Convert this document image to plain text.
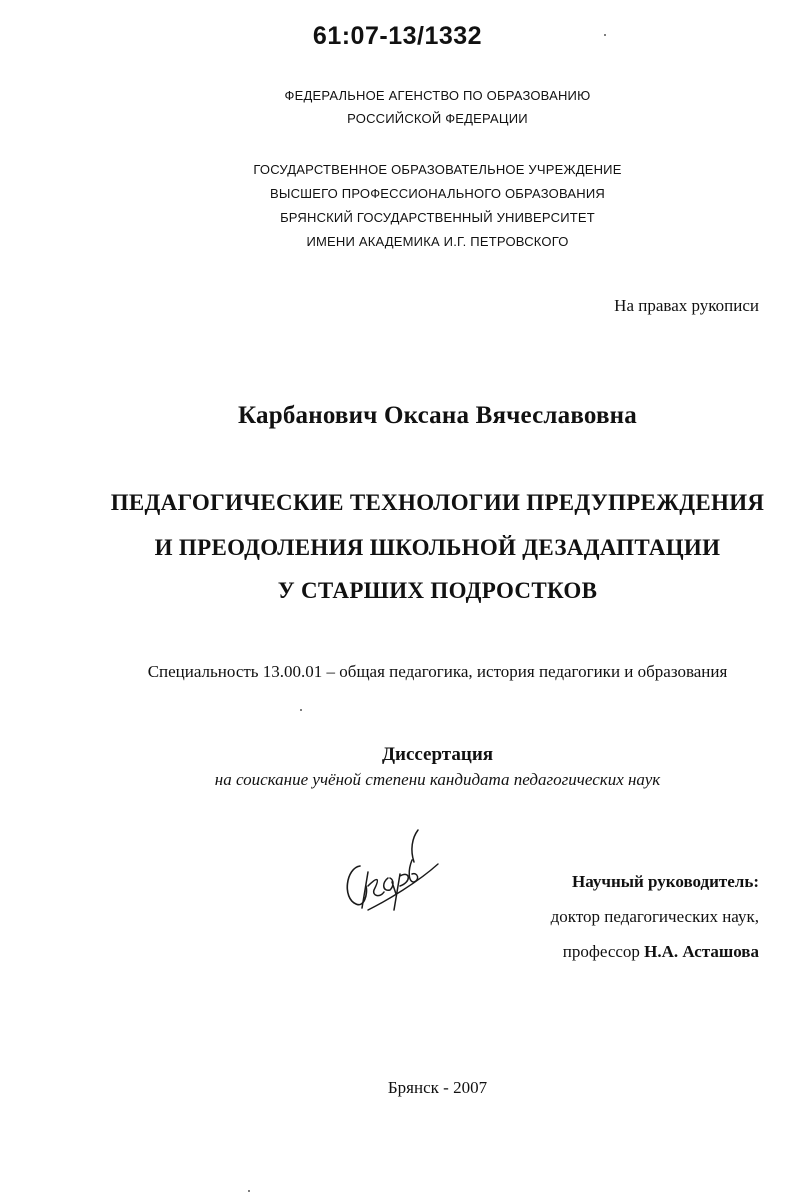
61:07-13/1332
ФЕДЕРАЛЬНОЕ АГЕНСТВО ПО ОБРАЗОВАНИЮ
РОССИЙСКОЙ ФЕДЕРАЦИИ
ГОСУДАРСТВЕННОЕ ОБРАЗОВАТЕЛЬНОЕ УЧРЕЖДЕНИЕ
ВЫСШЕГО ПРОФЕССИОНАЛЬНОГО ОБРАЗОВАНИЯ
БРЯНСКИЙ ГОСУДАРСТВЕННЫЙ УНИВЕРСИТЕТ
ИМЕНИ АКАДЕМИКА И.Г. ПЕТРОВСКОГО
На правах рукописи
Карбанович Оксана Вячеславовна
ПЕДАГОГИЧЕСКИЕ ТЕХНОЛОГИИ ПРЕДУПРЕЖДЕНИЯ
И ПРЕОДОЛЕНИЯ ШКОЛЬНОЙ ДЕЗАДАПТАЦИИ
У СТАРШИХ ПОДРОСТКОВ
Специальность 13.00.01 – общая педагогика, история педагогики и образования
Диссертация
на соискание учёной степени кандидата педагогических наук
Научный руководитель:
доктор педагогических наук,
профессор Н.А. Асташова
Брянск - 2007
